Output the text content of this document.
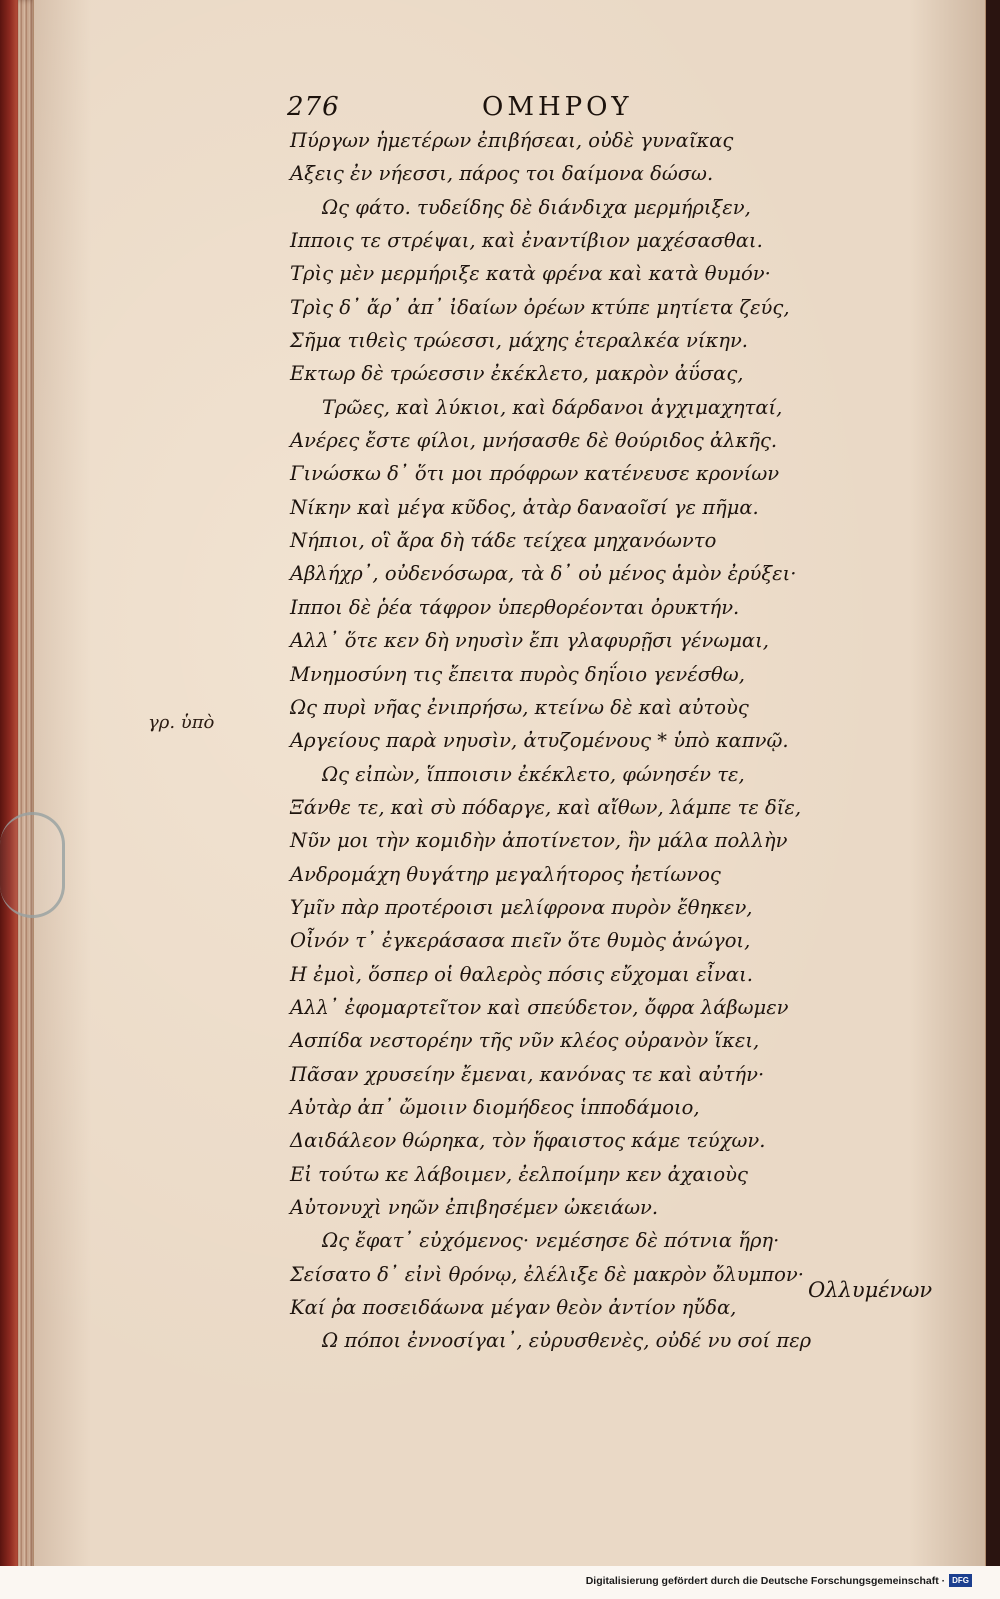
276	ΟΜΗΡΟΥ
γρ. ὑπὸ
Πύργων ἡμετέρων ἐπιβήσεαι, οὐδὲ γυναῖκας
Αξεις ἐν νήεσσι, πάρος τοι δαίμονα δώσω.
Ως φάτο. τυδείδης δὲ διάνδιχα μερμήριξεν,
Ιπποις τε στρέψαι, καὶ ἐναντίβιον μαχέσασθαι.
Τρὶς μὲν μερμήριξε κατὰ φρένα καὶ κατὰ θυμόν·
Τρὶς δ᾽ ἄρ᾽ ἀπ᾽ ἰδαίων ὀρέων κτύπε μητίετα ζεύς,
Σῆμα τιθεὶς τρώεσσι, μάχης ἑτεραλκέα νίκην.
Εκτωρ δὲ τρώεσσιν ἐκέκλετο, μακρὸν ἀΰσας,
Τρῶες, καὶ λύκιοι, καὶ δάρδανοι ἀγχιμαχηταί,
Ανέρες ἔστε φίλοι, μνήσασθε δὲ θούριδος ἀλκῆς.
Γινώσκω δ᾽ ὅτι μοι πρόφρων κατένευσε κρονίων
Νίκην καὶ μέγα κῦδος, ἀτὰρ δαναοῖσί γε πῆμα.
Νήπιοι, οἳ ἄρα δὴ τάδε τείχεα μηχανόωντο
Αβλήχρ᾽, οὐδενόσωρα, τὰ δ᾽ οὐ μένος ἁμὸν ἐρύξει·
Ιπποι δὲ ῥέα τάφρον ὑπερθορέονται ὀρυκτήν.
Αλλ᾽ ὅτε κεν δὴ νηυσὶν ἔπι γλαφυρῇσι γένωμαι,
Μνημοσύνη τις ἔπειτα πυρὸς δηΐοιο γενέσθω,
Ως πυρὶ νῆας ἐνιπρήσω, κτείνω δὲ καὶ αὐτοὺς
Αργείους παρὰ νηυσὶν, ἀτυζομένους * ὑπὸ καπνῷ.
Ως εἰπὼν, ἵπποισιν ἐκέκλετο, φώνησέν τε,
Ξάνθε τε, καὶ σὺ πόδαργε, καὶ αἴθων, λάμπε τε δῖε,
Νῦν μοι τὴν κομιδὴν ἀποτίνετον, ἣν μάλα πολλὴν
Ανδρομάχη θυγάτηρ μεγαλήτορος ἠετίωνος
Υμῖν πὰρ προτέροισι μελίφρονα πυρὸν ἔθηκεν,
Οἶνόν τ᾽ ἐγκεράσασα πιεῖν ὅτε θυμὸς ἀνώγοι,
Η ἐμοὶ, ὅσπερ οἱ θαλερὸς πόσις εὔχομαι εἶναι.
Αλλ᾽ ἐφομαρτεῖτον καὶ σπεύδετον, ὄφρα λάβωμεν
Ασπίδα νεστορέην τῆς νῦν κλέος οὐρανὸν ἵκει,
Πᾶσαν χρυσείην ἔμεναι, κανόνας τε καὶ αὐτήν·
Αὐτὰρ ἀπ᾽ ὤμοιιν διομήδεος ἱπποδάμοιο,
Δαιδάλεον θώρηκα, τὸν ἥφαιστος κάμε τεύχων.
Εἰ τούτω κε λάβοιμεν, ἐελποίμην κεν ἀχαιοὺς
Αὐτονυχὶ νηῶν ἐπιβησέμεν ὠκειάων.
Ως ἔφατ᾽ εὐχόμενος· νεμέσησε δὲ πότνια ἥρη·
Σείσατο δ᾽ εἰνὶ θρόνῳ, ἐλέλιξε δὲ μακρὸν ὄλυμπον·
Καί ῥα ποσειδάωνα μέγαν θεὸν ἀντίον ηὔδα,
Ω πόποι ἐννοσίγαι᾽, εὐρυσθενὲς, οὐδέ νυ σοί περ
Ολλυμένων
Digitalisierung gefördert durch die Deutsche Forschungsgemeinschaft · DFG
